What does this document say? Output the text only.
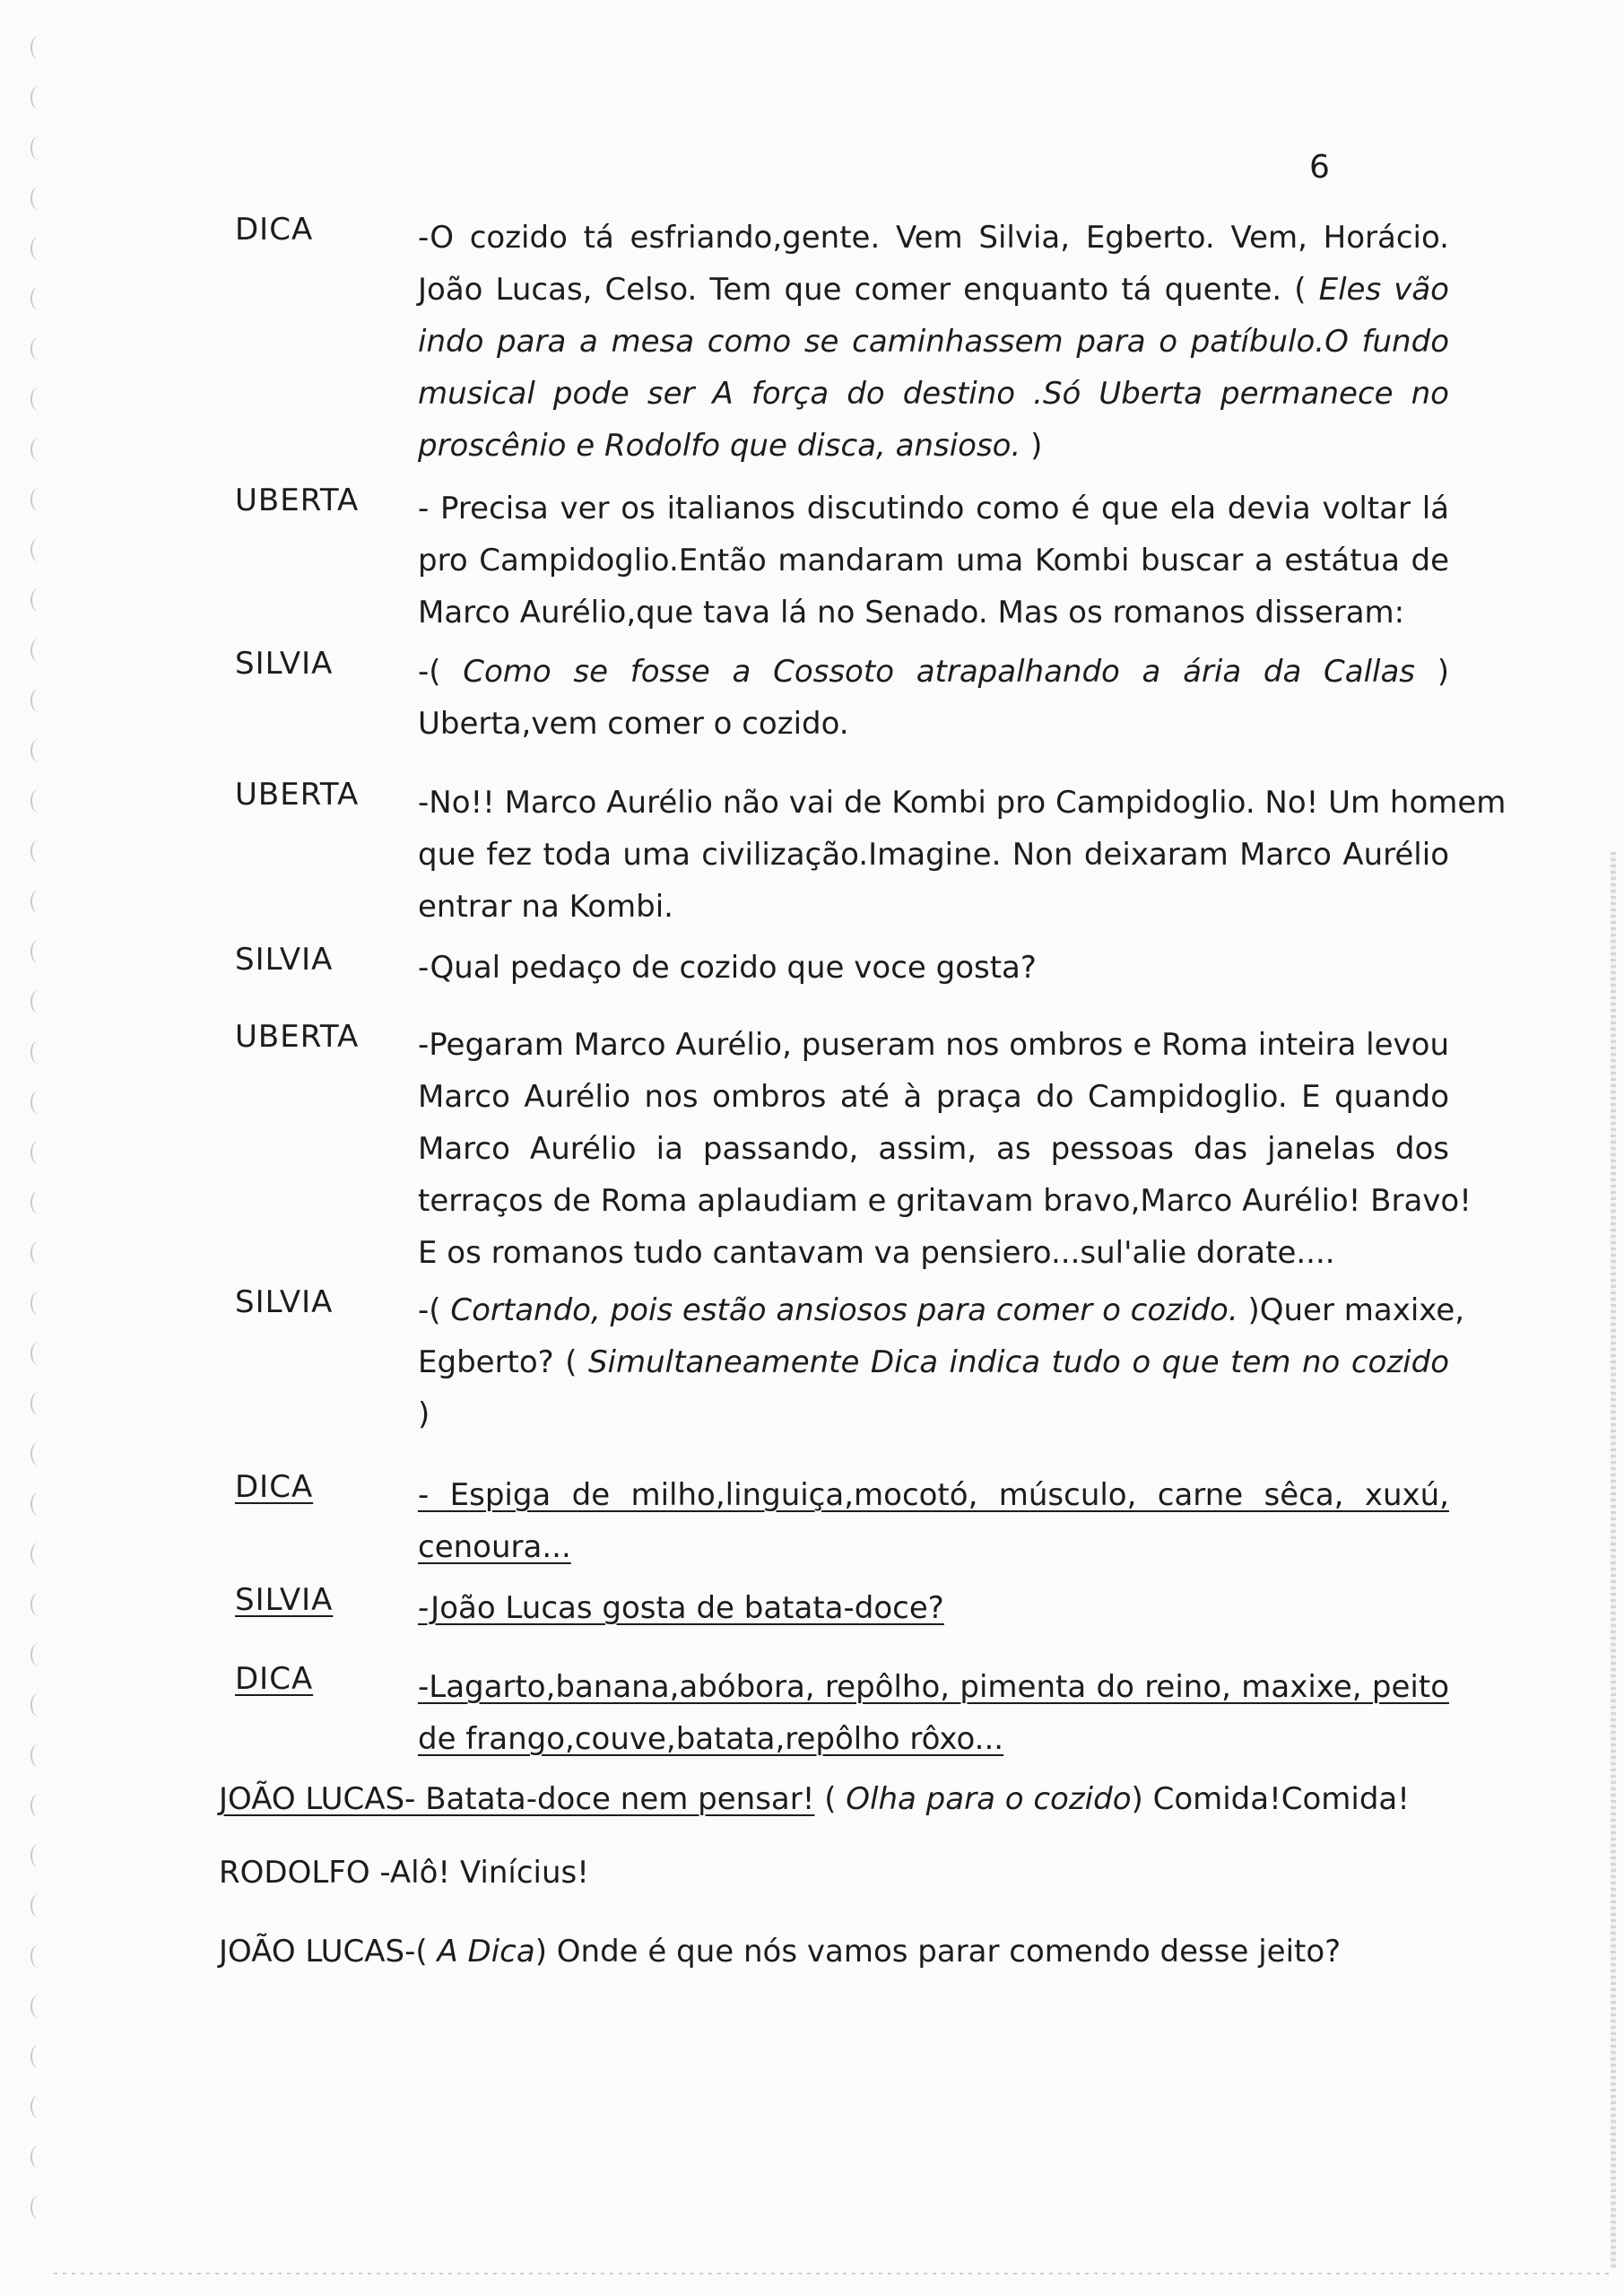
6
DICA	-O cozido tá esfriando,gente. Vem Silvia, Egberto. Vem, Horácio.
João Lucas, Celso. Tem que comer enquanto tá quente. ( Eles vão
indo para a mesa como se caminhassem para o patíbulo.O fundo
musical pode ser A força do destino .Só Uberta permanece no
proscênio e Rodolfo que disca, ansioso. )
UBERTA - Precisa ver os italianos discutindo como é que ela devia voltar lá
pro Campidoglio.Então mandaram uma Kombi buscar a estátua de
Marco Aurélio,que tava lá no Senado. Mas os romanos disseram:
SILVIA	-( Como se fosse a Cossoto atrapalhando a ária da Callas )
Uberta,vem comer o cozido.
UBERTA -No!! Marco Aurélio não vai de Kombi pro Campidoglio. No! Um homem
que fez toda uma civilização.Imagine. Non deixaram Marco Aurélio
entrar na Kombi.
SILVIA	-Qual pedaço de cozido que voce gosta?
UBERTA -Pegaram Marco Aurélio, puseram nos ombros e Roma inteira levou
Marco Aurélio nos ombros até à praça do Campidoglio. E quando
Marco Aurélio ia passando, assim, as pessoas das janelas dos
terraços de Roma aplaudiam e gritavam bravo,Marco Aurélio! Bravo!
E os romanos tudo cantavam va pensiero...sul'alie dorate....
SILVIA	-( Cortando, pois estão ansiosos para comer o cozido. )Quer maxixe,
Egberto? ( Simultaneamente Dica indica tudo o que tem no cozido
)
DICA	- Espiga de milho,linguiça,mocotó, músculo, carne sêca, xuxú,
cenoura...
SILVIA	-João Lucas gosta de batata-doce?
DICA	-Lagarto,banana,abóbora, repôlho, pimenta do reino, maxixe, peito
de frango,couve,batata,repôlho rôxo...
JOÃO LUCAS- Batata-doce nem pensar! ( Olha para o cozido) Comida!Comida!
RODOLFO -Alô! Vinícius!
JOÃO LUCAS-( A Dica) Onde é que nós vamos parar comendo desse jeito?
